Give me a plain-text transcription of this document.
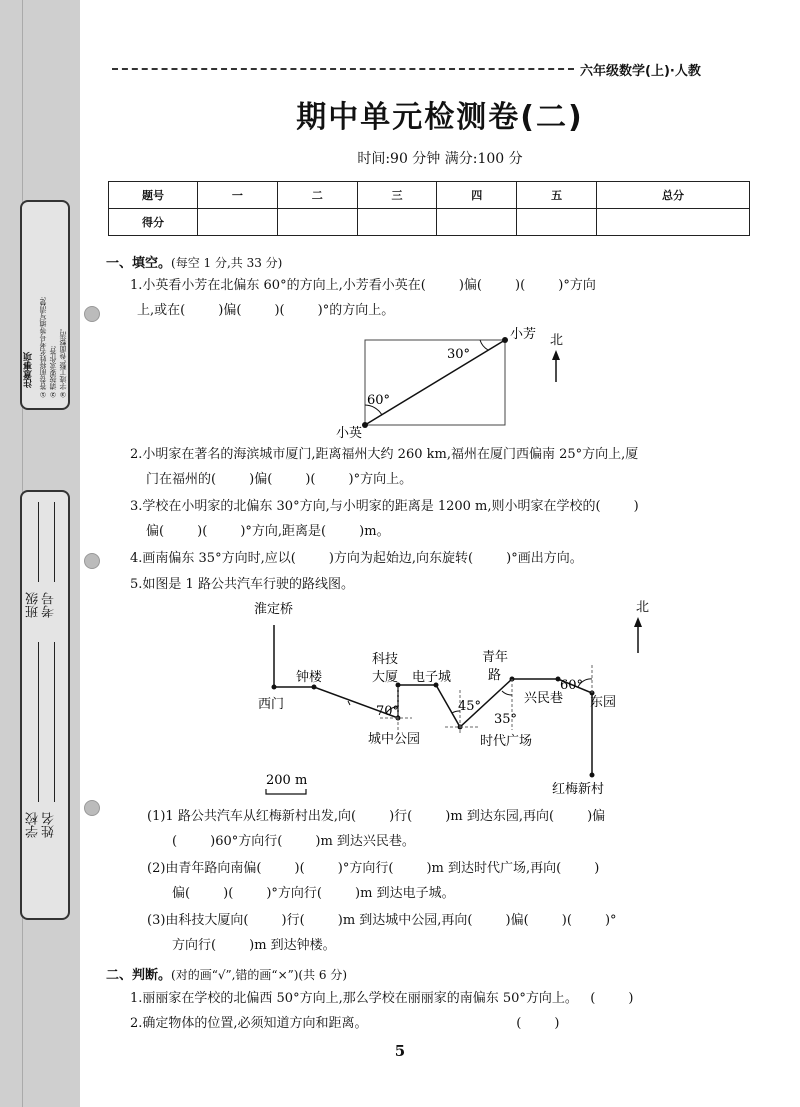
①答卷前将姓名考号等填写清楚; ②请按要求作答; ③字迹工整,卷面整洁。
注意事项
姓名
学校
考号
班级
六年级数学(上)·人教
期中单元检测卷(二)
时间:90 分钟 满分:100 分
题号	一	二	三	四	五	总分
得分						
一、填空。(每空 1 分,共 33 分)
1.小英看小芳在北偏东 60°的方向上,小芳看小英在(        )偏(        )(        )°方向
上,或在(        )偏(        )(        )°的方向上。
小芳
小英
30°
60°
北
2.小明家在著名的海滨城市厦门,距离福州大约 260 km,福州在厦门西偏南 25°方向上,厦
门在福州的(        )偏(        )(        )°方向上。
3.学校在小明家的北偏东 30°方向,与小明家的距离是 1200 m,则小明家在学校的(        )
偏(        )(        )°方向,距离是(        )m。
4.画南偏东 35°方向时,应以(        )方向为起始边,向东旋转(        )°画出方向。
5.如图是 1 路公共汽车行驶的路线图。
淮定桥
西门
钟楼
科技
大厦 电子城
城中公园
青年
路
时代广场
兴民巷 东园
红梅新村
70°	45°
35°
60°
北
200 m
(1)1 路公共汽车从红梅新村出发,向(        )行(        )m 到达东园,再向(        )偏
(        )60°方向行(        )m 到达兴民巷。
(2)由青年路向南偏(        )(        )°方向行(        )m 到达时代广场,再向(        )
偏(        )(        )°方向行(        )m 到达电子城。
(3)由科技大厦向(        )行(        )m 到达城中公园,再向(        )偏(        )(        )°
方向行(        )m 到达钟楼。
二、判断。(对的画“√”,错的画“×”)(共 6 分)
1.丽丽家在学校的北偏西 50°方向上,那么学校在丽丽家的南偏东 50°方向上。   (        )
2.确定物体的位置,必须知道方向和距离。                                    (        )
5
